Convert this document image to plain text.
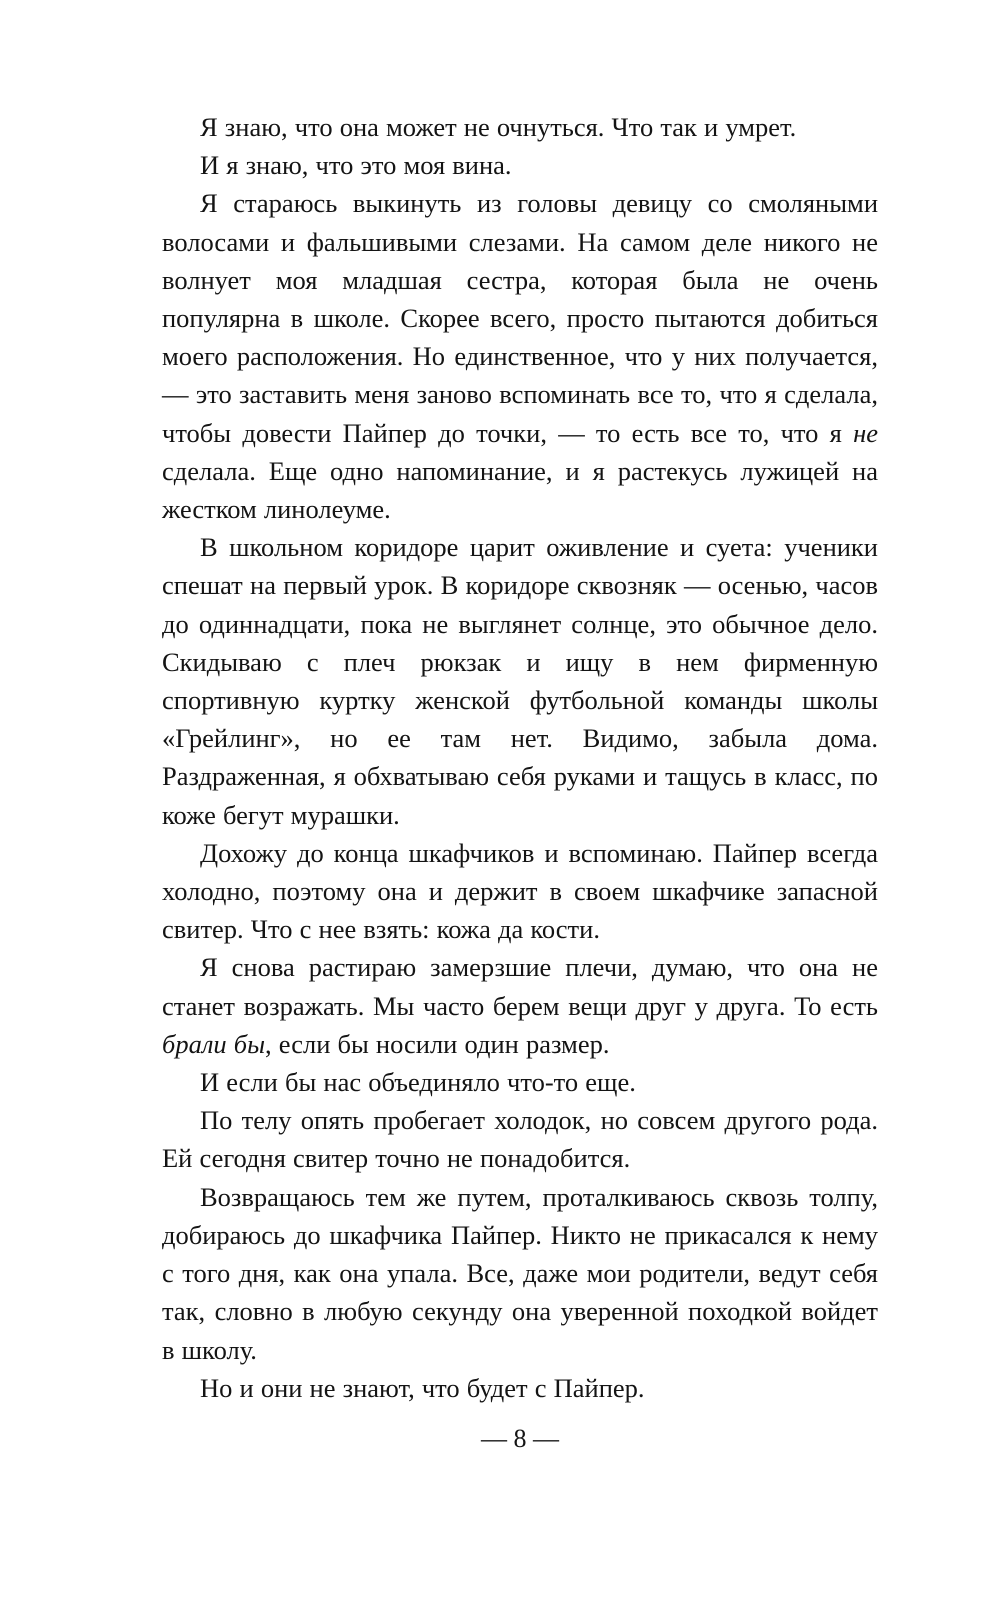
Я знаю, что она может не очнуться. Что так и умрет.

И я знаю, что это моя вина.

Я стараюсь выкинуть из головы девицу со смоляными волосами и фальшивыми слезами. На самом деле никого не волнует моя младшая сестра, которая была не очень популярна в школе. Скорее всего, просто пытаются добиться моего расположения. Но единственное, что у них получается, — это заставить меня заново вспоминать все то, что я сделала, чтобы довести Пайпер до точки, — то есть все то, что я не сделала. Еще одно напоминание, и я растекусь лужицей на жестком линолеуме.

В школьном коридоре царит оживление и суета: ученики спешат на первый урок. В коридоре сквозняк — осенью, часов до одиннадцати, пока не выглянет солнце, это обычное дело. Скидываю с плеч рюкзак и ищу в нем фирменную спортивную куртку женской футбольной команды школы «Грейлинг», но ее там нет. Видимо, забыла дома. Раздраженная, я обхватываю себя руками и тащусь в класс, по коже бегут мурашки.

Дохожу до конца шкафчиков и вспоминаю. Пайпер всегда холодно, поэтому она и держит в своем шкафчике запасной свитер. Что с нее взять: кожа да кости.

Я снова растираю замерзшие плечи, думаю, что она не станет возражать. Мы часто берем вещи друг у друга. То есть брали бы, если бы носили один размер.

И если бы нас объединяло что-то еще.

По телу опять пробегает холодок, но совсем другого рода. Ей сегодня свитер точно не понадобится.

Возвращаюсь тем же путем, проталкиваюсь сквозь толпу, добираюсь до шкафчика Пайпер. Никто не прикасался к нему с того дня, как она упала. Все, даже мои родители, ведут себя так, словно в любую секунду она уверенной походкой войдет в школу.

Но и они не знают, что будет с Пайпер.

— 8 —
